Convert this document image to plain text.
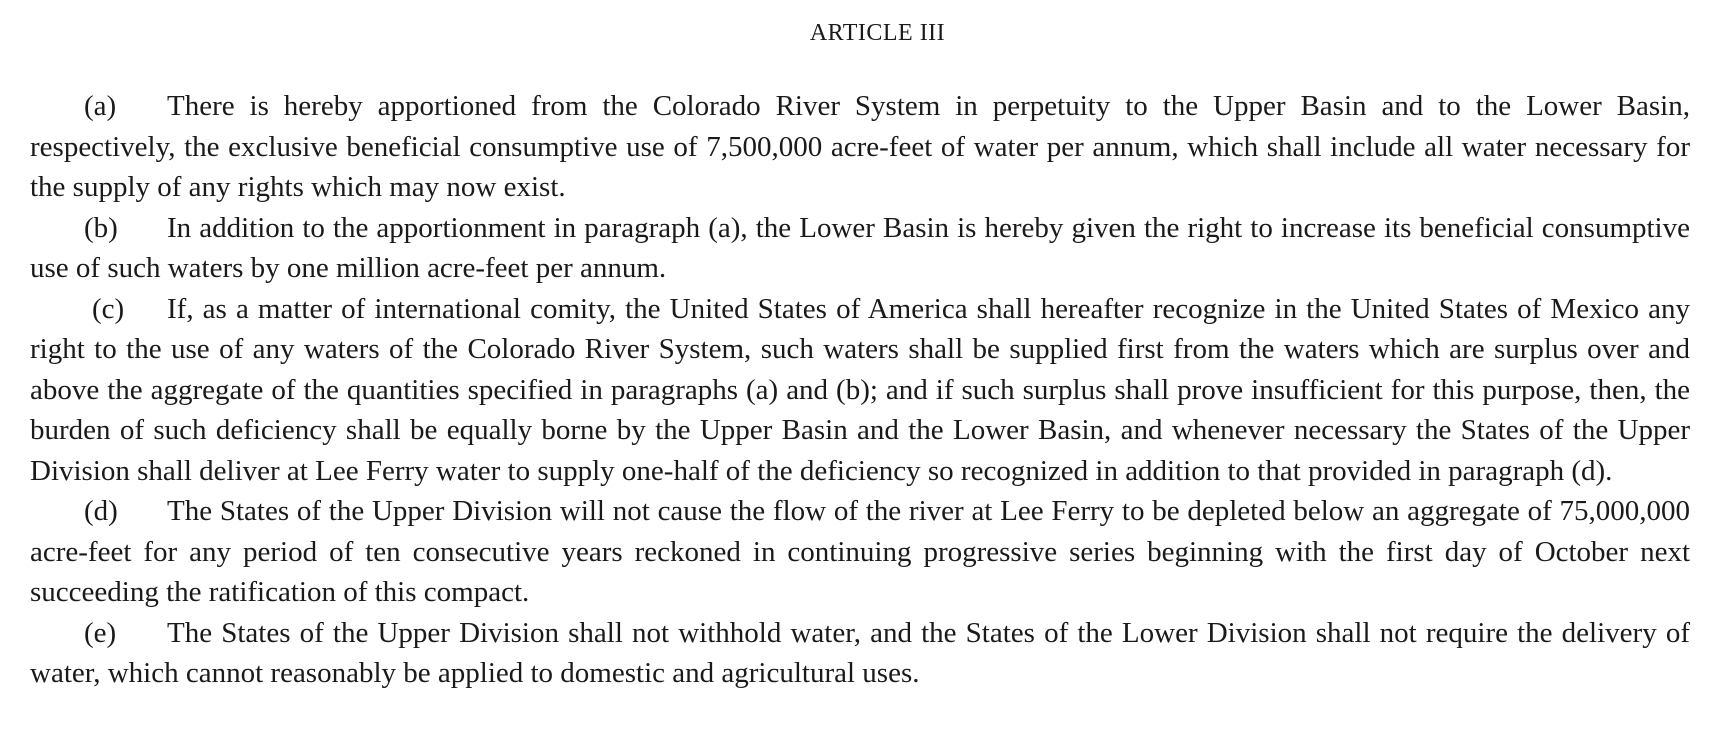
ARTICLE III

(a) There is hereby apportioned from the Colorado River System in perpetuity to the Upper Basin and to the Lower Basin, respectively, the exclusive beneficial consumptive use of 7,500,000 acre-feet of water per annum, which shall include all water necessary for the supply of any rights which may now exist.

(b) In addition to the apportionment in paragraph (a), the Lower Basin is hereby given the right to increase its beneficial consumptive use of such waters by one million acre-feet per annum.

(c) If, as a matter of international comity, the United States of America shall hereafter recognize in the United States of Mexico any right to the use of any waters of the Colorado River System, such waters shall be supplied first from the waters which are surplus over and above the aggregate of the quantities specified in paragraphs (a) and (b); and if such surplus shall prove insufficient for this purpose, then, the burden of such deficiency shall be equally borne by the Upper Basin and the Lower Basin, and whenever necessary the States of the Upper Division shall deliver at Lee Ferry water to supply one-half of the deficiency so recognized in addition to that provided in paragraph (d).

(d) The States of the Upper Division will not cause the flow of the river at Lee Ferry to be depleted below an aggregate of 75,000,000 acre-feet for any period of ten consecutive years reckoned in continuing progressive series beginning with the first day of October next succeeding the ratification of this compact.

(e) The States of the Upper Division shall not withhold water, and the States of the Lower Division shall not require the delivery of water, which cannot reasonably be applied to domestic and agricultural uses.
